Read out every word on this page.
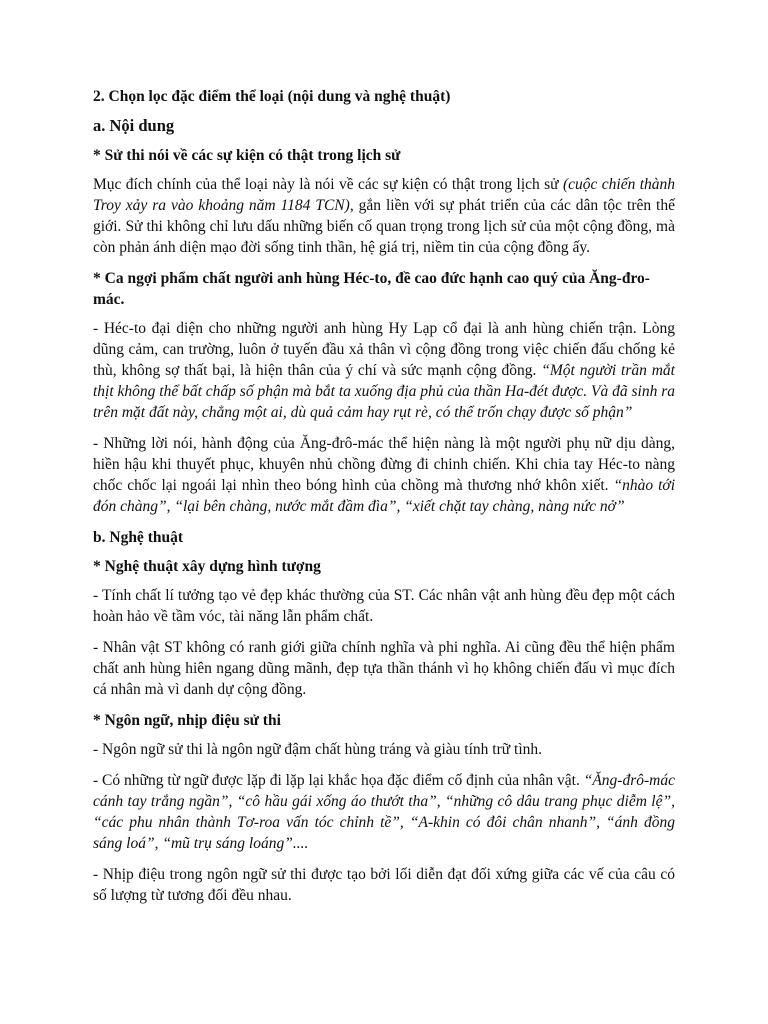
2. Chọn lọc đặc điểm thể loại (nội dung và nghệ thuật)

a. Nội dung

* Sử thi nói về các sự kiện có thật trong lịch sử

Mục đích chính của thể loại này là nói về các sự kiện có thật trong lịch sử (cuộc chiến thành Troy xảy ra vào khoảng năm 1184 TCN), gắn liền với sự phát triển của các dân tộc trên thế giới. Sử thi không chỉ lưu dấu những biến cố quan trọng trong lịch sử của một cộng đồng, mà còn phản ánh diện mạo đời sống tinh thần, hệ giá trị, niềm tin của cộng đồng ấy.

* Ca ngợi phẩm chất người anh hùng Héc-to, đề cao đức hạnh cao quý của Ăng-đro-mác.

- Héc-to đại diện cho những người anh hùng Hy Lạp cổ đại là anh hùng chiến trận. Lòng dũng cảm, can trường, luôn ở tuyến đầu xả thân vì cộng đồng trong việc chiến đấu chống kẻ thù, không sợ thất bại, là hiện thân của ý chí và sức mạnh cộng đồng. “Một người trần mắt thịt không thể bất chấp số phận mà bắt ta xuống địa phủ của thần Ha-đét được. Và đã sinh ra trên mặt đất này, chẳng một ai, dù quả cảm hay rụt rè, có thể trốn chạy được số phận”

- Những lời nói, hành động của Ăng-đrô-mác thể hiện nàng là một người phụ nữ dịu dàng, hiền hậu khi thuyết phục, khuyên nhủ chồng đừng đi chinh chiến. Khi chia tay Héc-to nàng chốc chốc lại ngoái lại nhìn theo bóng hình của chồng mà thương nhớ khôn xiết. “nhào tới đón chàng”, “lại bên chàng, nước mắt đầm đìa”, “xiết chặt tay chàng, nàng nức nở”

b. Nghệ thuật

* Nghệ thuật xây dựng hình tượng

- Tính chất lí tưởng tạo vẻ đẹp khác thường của ST. Các nhân vật anh hùng đều đẹp một cách hoàn hảo về tầm vóc, tài năng lẫn phẩm chất.

- Nhân vật ST không có ranh giới giữa chính nghĩa và phi nghĩa. Ai cũng đều thể hiện phẩm chất anh hùng hiên ngang dũng mãnh, đẹp tựa thần thánh vì họ không chiến đấu vì mục đích cá nhân mà vì danh dự cộng đồng.

* Ngôn ngữ, nhịp điệu sử thi

- Ngôn ngữ sử thi là ngôn ngữ đậm chất hùng tráng và giàu tính trữ tình.

- Có những từ ngữ được lặp đi lặp lại khắc họa đặc điểm cố định của nhân vật. “Ăng-đrô-mác cánh tay trắng ngần”, “cô hầu gái xống áo thướt tha”, “những cô dâu trang phục diễm lệ”, “các phu nhân thành Tơ-roa vấn tóc chỉnh tề”, “A-khin có đôi chân nhanh”, “ánh đồng sáng loá”, “mũ trụ sáng loáng”....

- Nhịp điệu trong ngôn ngữ sử thi được tạo bởi lối diễn đạt đối xứng giữa các vế của câu có số lượng từ tương đối đều nhau.
